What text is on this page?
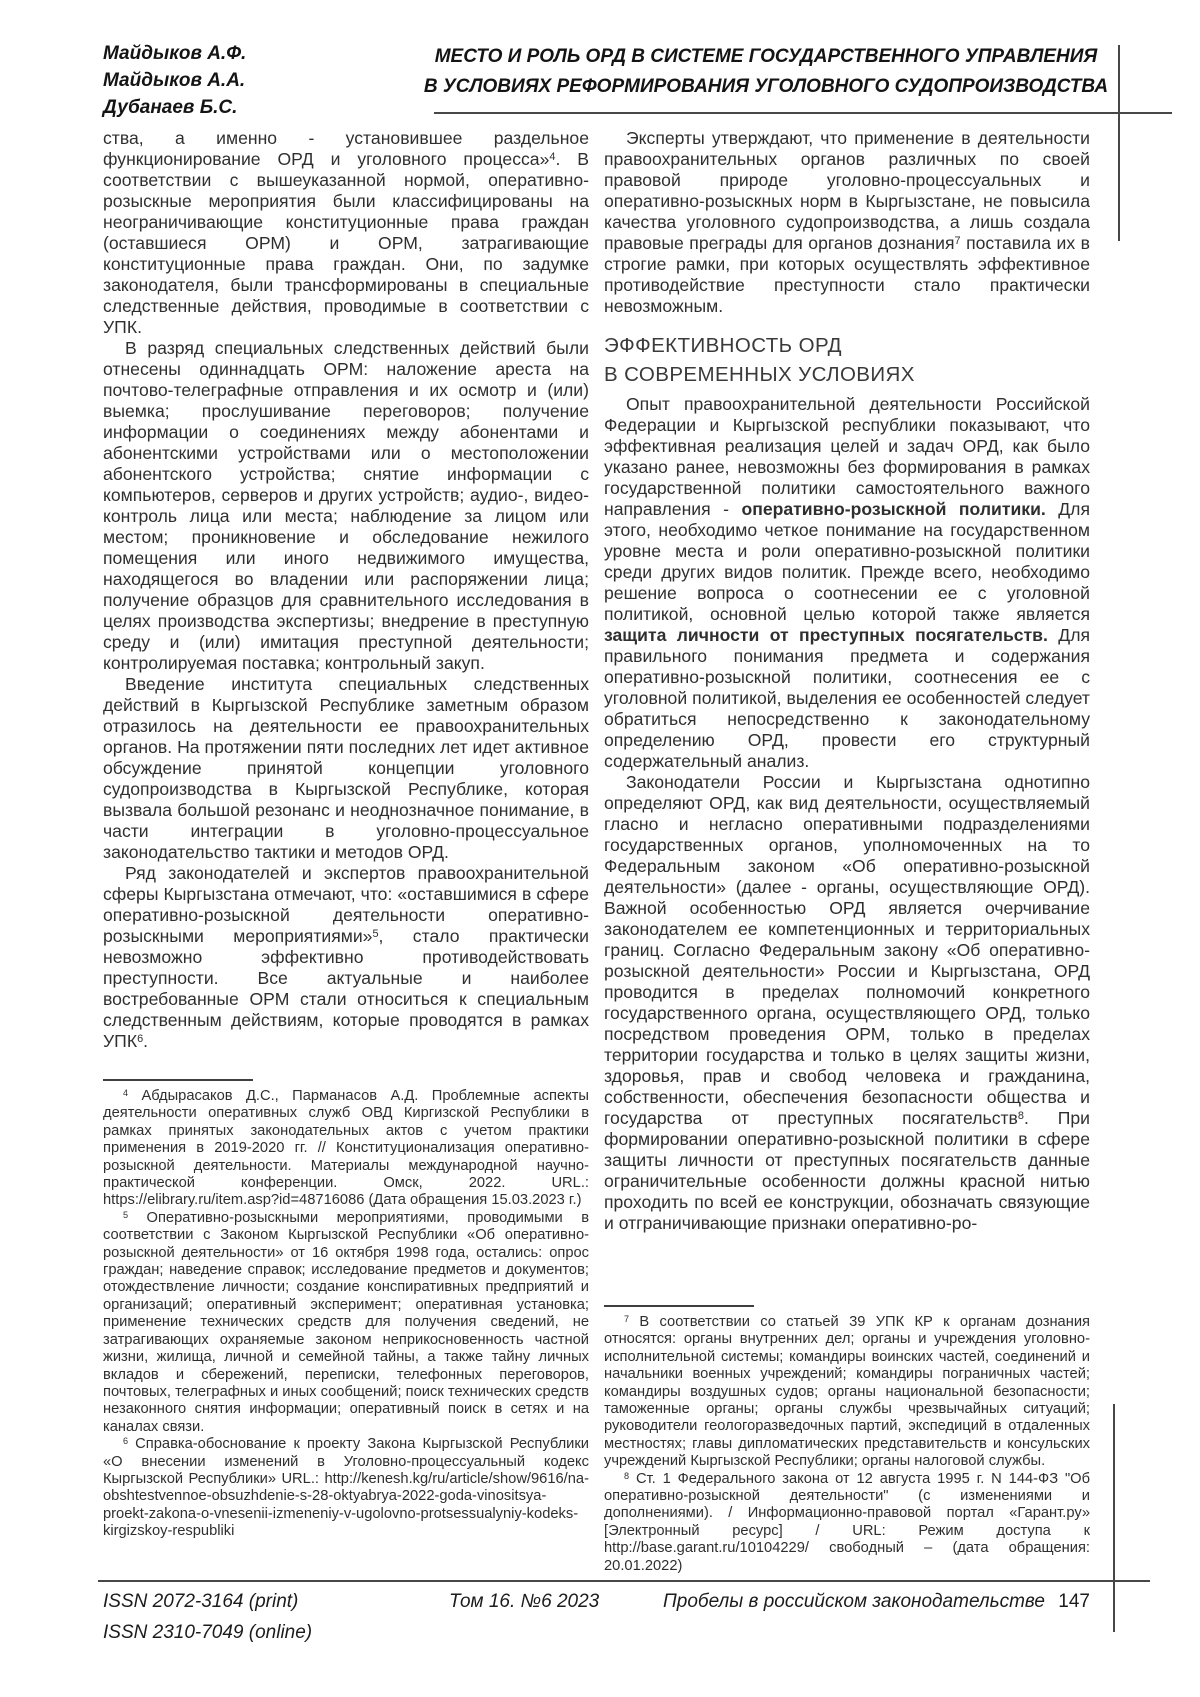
Майдыков А.Ф.
Майдыков А.А.
Дубанаев Б.С.
МЕСТО И РОЛЬ ОРД В СИСТЕМЕ ГОСУДАРСТВЕННОГО УПРАВЛЕНИЯ
В УСЛОВИЯХ РЕФОРМИРОВАНИЯ УГОЛОВНОГО СУДОПРОИЗВОДСТВА

ства, а именно - установившее раздельное функционирование ОРД и уголовного процесса»$^4$. В соответствии с вышеуказанной нормой, оперативно-розыскные мероприятия были классифицированы на неограничивающие конституционные права граждан (оставшиеся ОРМ) и ОРМ, затрагивающие конституционные права граждан. Они, по задумке законодателя, были трансформированы в специальные следственные действия, проводимые в соответствии с УПК.

В разряд специальных следственных действий были отнесены одиннадцать ОРМ: наложение ареста на почтово-телеграфные отправления и их осмотр и (или) выемка; прослушивание переговоров; получение информации о соединениях между абонентами и абонентскими устройствами или о местоположении абонентского устройства; снятие информации с компьютеров, серверов и других устройств; аудио-, видео-контроль лица или места; наблюдение за лицом или местом; проникновение и обследование нежилого помещения или иного недвижимого имущества, находящегося во владении или распоряжении лица; получение образцов для сравнительного исследования в целях производства экспертизы; внедрение в преступную среду и (или) имитация преступной деятельности; контролируемая поставка; контрольный закуп.

Введение института специальных следственных действий в Кыргызской Республике заметным образом отразилось на деятельности ее правоохранительных органов. На протяжении пяти последних лет идет активное обсуждение принятой концепции уголовного судопроизводства в Кыргызской Республике, которая вызвала большой резонанс и неоднозначное понимание, в части интеграции в уголовно-процессуальное законодательство тактики и методов ОРД.

Ряд законодателей и экспертов правоохранительной сферы Кыргызстана отмечают, что: «оставшимися в сфере оперативно-розыскной деятельности оперативно-розыскными мероприятиями»$^5$, стало практически невозможно эффективно противодействовать преступности. Все актуальные и наиболее востребованные ОРМ стали относиться к специальным следственным действиям, которые проводятся в рамках УПК$^6$.

Эксперты утверждают, что применение в деятельности правоохранительных органов различных по своей правовой природе уголовно-процессуальных и оперативно-розыскных норм в Кыргызстане, не повысила качества уголовного судопроизводства, а лишь создала правовые преграды для органов дознания$^7$ поставила их в строгие рамки, при которых осуществлять эффективное противодействие преступности стало практически невозможным.

ЭФФЕКТИВНОСТЬ ОРД
В СОВРЕМЕННЫХ УСЛОВИЯХ

Опыт правоохранительной деятельности Российской Федерации и Кыргызской республики показывают, что эффективная реализация целей и задач ОРД, как было указано ранее, невозможны без формирования в рамках государственной политики самостоятельного важного направления - оперативно-розыскной политики. Для этого, необходимо четкое понимание на государственном уровне места и роли оперативно-розыскной политики среди других видов политик. Прежде всего, необходимо решение вопроса о соотнесении ее с уголовной политикой, основной целью которой также является защита личности от преступных посягательств. Для правильного понимания предмета и содержания оперативно-розыскной политики, соотнесения ее с уголовной политикой, выделения ее особенностей следует обратиться непосредственно к законодательному определению ОРД, провести его структурный содержательный анализ.

Законодатели России и Кыргызстана однотипно определяют ОРД, как вид деятельности, осуществляемый гласно и негласно оперативными подразделениями государственных органов, уполномоченных на то Федеральным законом «Об оперативно-розыскной деятельности» (далее - органы, осуществляющие ОРД). Важной особенностью ОРД является очерчивание законодателем ее компетенционных и территориальных границ. Согласно Федеральным закону «Об оперативно-розыскной деятельности» России и Кыргызстана, ОРД проводится в пределах полномочий конкретного государственного органа, осуществляющего ОРД, только посредством проведения ОРМ, только в пределах территории государства и только в целях защиты жизни, здоровья, прав и свобод человека и гражданина, собственности, обеспечения безопасности общества и государства от преступных посягательств$^8$. При формировании оперативно-розыскной политики в сфере защиты личности от преступных посягательств данные ограничительные особенности должны красной нитью проходить по всей ее конструкции, обозначать связующие и отграничивающие признаки оперативно-ро-

$^4$ Абдырасаков Д.С., Парманасов А.Д. Проблемные аспекты деятельности оперативных служб ОВД Киргизской Республики в рамках принятых законодательных актов с учетом практики применения в 2019-2020 гг. // Конституционализация оперативно-розыскной деятельности. Материалы международной научно-практической конференции. Омск, 2022. URL.: https://elibrary.ru/item.asp?id=48716086 (Дата обращения 15.03.2023 г.)

$^5$ Оперативно-розыскными мероприятиями, проводимыми в соответствии с Законом Кыргызской Республики «Об оперативно-розыскной деятельности» от 16 октября 1998 года, остались: опрос граждан; наведение справок; исследование предметов и документов; отождествление личности; создание конспиративных предприятий и организаций; оперативный эксперимент; оперативная установка; применение технических средств для получения сведений, не затрагивающих охраняемые законом неприкосновенность частной жизни, жилища, личной и семейной тайны, а также тайну личных вкладов и сбережений, переписки, телефонных переговоров, почтовых, телеграфных и иных сообщений; поиск технических средств незаконного снятия информации; оперативный поиск в сетях и на каналах связи.

$^6$ Справка-обоснование к проекту Закона Кыргызской Республики «О внесении изменений в Уголовно-процессуальный кодекс Кыргызской Республики» URL.: http://kenesh.kg/ru/article/show/9616/na-obshtestvennoe-obsuzhdenie-s-28-oktyabrya-2022-goda-vinositsya-proekt-zakona-o-vnesenii-izmeneniy-v-ugolovno-protsessualyniy-kodeks-kirgizskoy-respubliki

$^7$ В соответствии со статьей 39 УПК КР к органам дознания относятся: органы внутренних дел; органы и учреждения уголовно-исполнительной системы; командиры воинских частей, соединений и начальники военных учреждений; командиры пограничных частей; командиры воздушных судов; органы национальной безопасности; таможенные органы; органы службы чрезвычайных ситуаций; руководители геологоразведочных партий, экспедиций в отдаленных местностях; главы дипломатических представительств и консульских учреждений Кыргызской Республики; органы налоговой службы.

$^8$ Ст. 1 Федерального закона от 12 августа 1995 г. N 144-ФЗ "Об оперативно-розыскной деятельности" (с изменениями и дополнениями). / Информационно-правовой портал «Гарант.ру» [Электронный ресурс] / URL: Режим доступа к http://base.garant.ru/10104229/ свободный – (дата обращения: 20.01.2022)

ISSN 2072-3164 (print)
ISSN 2310-7049 (online)
Том 16. №6 2023	Пробелы в российском законодательстве 147
